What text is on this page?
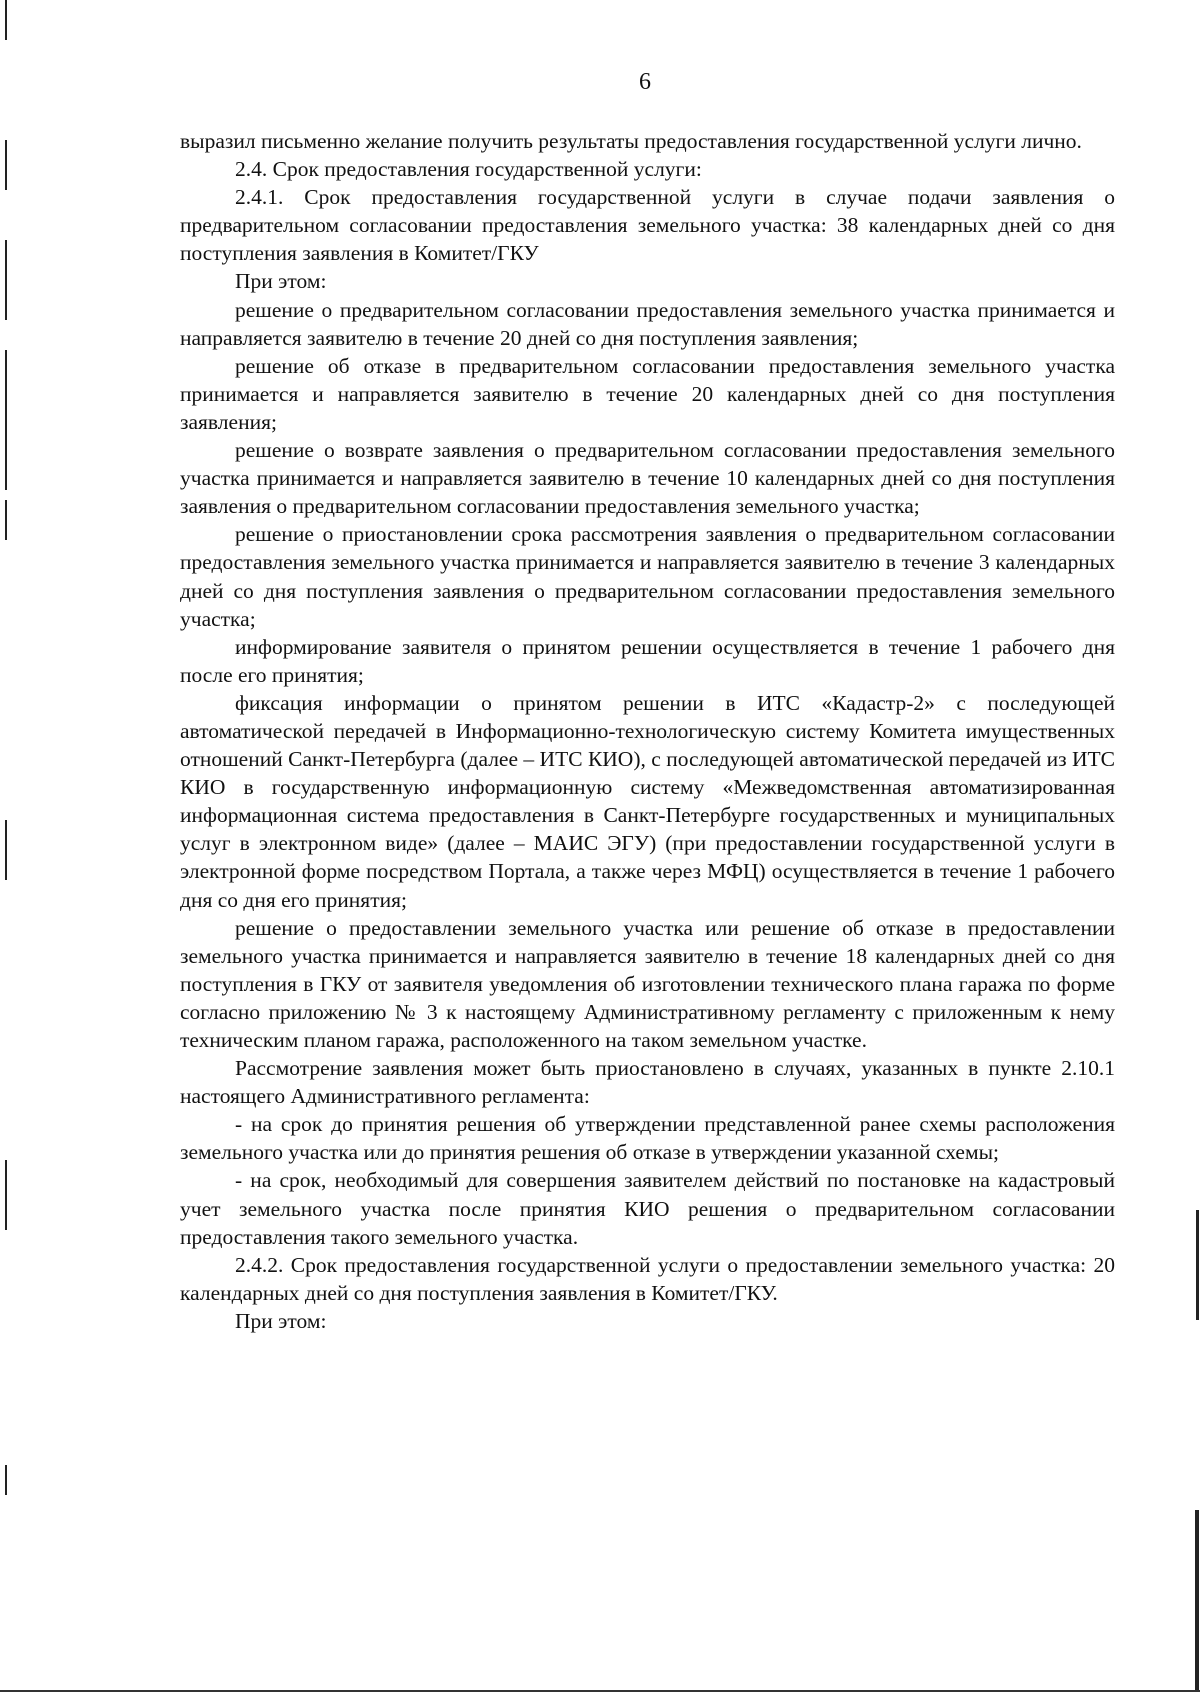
6

выразил письменно желание получить результаты предоставления государственной услуги лично.

2.4. Срок предоставления государственной услуги:

2.4.1. Срок предоставления государственной услуги в случае подачи заявления о предварительном согласовании предоставления земельного участка: 38 календарных дней со дня поступления заявления в Комитет/ГКУ

При этом:

решение о предварительном согласовании предоставления земельного участка принимается и направляется заявителю в течение 20 дней со дня поступления заявления;

решение об отказе в предварительном согласовании предоставления земельного участка принимается и направляется заявителю в течение 20 календарных дней со дня поступления заявления;

решение о возврате заявления о предварительном согласовании предоставления земельного участка принимается и направляется заявителю в течение 10 календарных дней со дня поступления заявления о предварительном согласовании предоставления земельного участка;

решение о приостановлении срока рассмотрения заявления о предварительном согласовании предоставления земельного участка принимается и направляется заявителю в течение 3 календарных дней со дня поступления заявления о предварительном согласовании предоставления земельного участка;

информирование заявителя о принятом решении осуществляется в течение 1 рабочего дня после его принятия;

фиксация информации о принятом решении в ИТС «Кадастр-2» с последующей автоматической передачей в Информационно-технологическую систему Комитета имущественных отношений Санкт-Петербурга (далее – ИТС КИО), с последующей автоматической передачей из ИТС КИО в государственную информационную систему «Межведомственная автоматизированная информационная система предоставления в Санкт-Петербурге государственных и муниципальных услуг в электронном виде» (далее – МАИС ЭГУ) (при предоставлении государственной услуги в электронной форме посредством Портала, а также через МФЦ) осуществляется в течение 1 рабочего дня со дня его принятия;

решение о предоставлении земельного участка или решение об отказе в предоставлении земельного участка принимается и направляется заявителю в течение 18 календарных дней со дня поступления в ГКУ от заявителя уведомления об изготовлении технического плана гаража по форме согласно приложению № 3 к настоящему Административному регламенту с приложенным к нему техническим планом гаража, расположенного на таком земельном участке.

Рассмотрение заявления может быть приостановлено в случаях, указанных в пункте 2.10.1 настоящего Административного регламента:

- на срок до принятия решения об утверждении представленной ранее схемы расположения земельного участка или до принятия решения об отказе в утверждении указанной схемы;

- на срок, необходимый для совершения заявителем действий по постановке на кадастровый учет земельного участка после принятия КИО решения о предварительном согласовании предоставления такого земельного участка.

2.4.2. Срок предоставления государственной услуги о предоставлении земельного участка: 20 календарных дней со дня поступления заявления в Комитет/ГКУ.

При этом:
